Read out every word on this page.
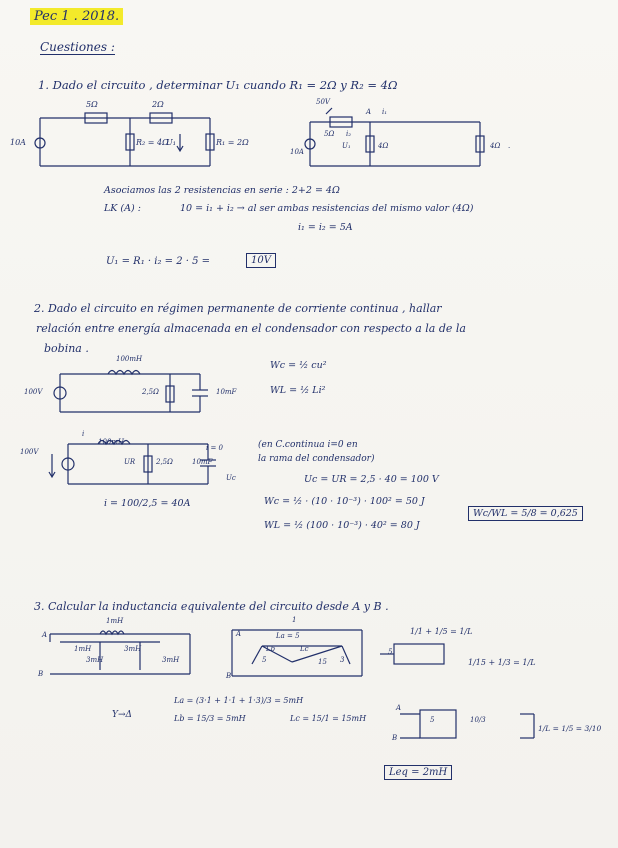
Pec 1 . 2018.
Cuestiones :
1. Dado el circuito , determinar U₁ cuando R₁ = 2Ω y R₂ = 4Ω
5Ω	2Ω
10A	R₂ = 4Ω
U₁	R₁ = 2Ω
50V
A i₁
5Ω i₂
10A
U₁	4Ω	4Ω .
Asociamos las 2 resistencias en serie : 2+2 = 4Ω
LK (A) :	10 = i₁ + i₂ → al ser ambas resistencias del mismo valor (4Ω)
i₁ = i₂ = 5A
U₁ = R₁ · i₂ = 2 · 5 =	10V
2. Dado el circuito en régimen permanente de corriente continua , hallar
relación entre energía almacenada en el condensador con respecto a la de la
bobina .
100mH
100V	2,5Ω	10mF
Wc = ½ cu²
WL = ½ Li²
100V
i
100mH
UR	2,5Ω	10mF
i = 0
Uc
(en C.continua i=0 en
la rama del condensador)
Uc = UR = 2,5 · 40 = 100 V
i = 100/2,5 = 40A	Wc = ½ · (10 · 10⁻³) · 100² = 50 J
WL = ½ (100 · 10⁻³) · 40² = 80 J
Wc/WL = 5/8 = 0,625
3. Calcular la inductancia equivalente del circuito desde A y B .
A
B
1mH
1mH
3mH
3mH
3mH
A
B
La = 5
Lb	Lc
5	15 3
1
5
1/1 + 1/5 = 1/L
1/15 + 1/3 = 1/L
Y→Δ
La = (3·1 + 1·1 + 1·3)/3 = 5mH
Lb = 15/3 = 5mH	Lc = 15/1 = 15mH
A
B
5	10/3
1/L = 1/5 = 3/10
Leq = 2mH
